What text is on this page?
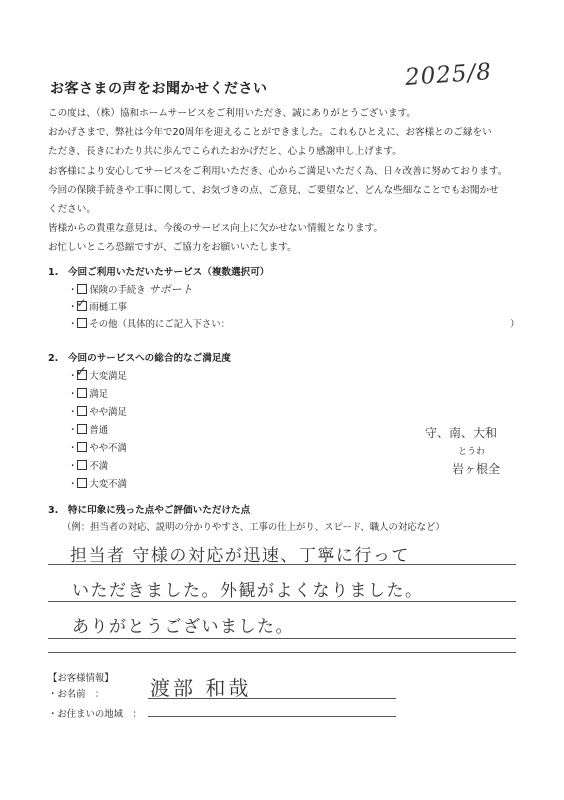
お客さまの声をお聞かせください	2025/8

この度は、（株）協和ホームサービスをご利用いただき、誠にありがとうございます。

おかげさまで、弊社は今年で20周年を迎えることができました。これもひとえに、お客様とのご縁をい

ただき、長きにわたり共に歩んでこられたおかげだと、心より感謝申し上げます。

お客様により安心してサービスをご利用いただき、心からご満足いただく為、日々改善に努めております。

今回の保険手続きや工事に関して、お気づきの点、ご意見、ご要望など、どんな些細なことでもお聞かせ

ください。

皆様からの貴重な意見は、今後のサービス向上に欠かせない情報となります。

お忙しいところ恐縮ですが、ご協力をお願いいたします。

1.　今回ご利用いただいたサービス（複数選択可）
・ 保険の手続き サポート
・ ✓ 雨樋工事
・ その他（具体的にご記入下さい：	）
2.　今回のサービスへの総合的なご満足度
・ ✓ 大変満足
・ 満足
・ やや満足
・ 普通
・ やや不満
・ 不満
・ 大変不満
守、南、大和
とうわ
岩ヶ根全
3.　特に印象に残った点やご評価いただけた点
（例：担当者の対応、説明の分かりやすさ、工事の仕上がり、スピード、職人の対応など）
担当者 守様の対応が迅速、丁寧に行って
いただきました。外観がよくなりました。
ありがとうございました。
【お客様情報】
・お名前　： 渡部 和哉
・お住まいの地域　：
